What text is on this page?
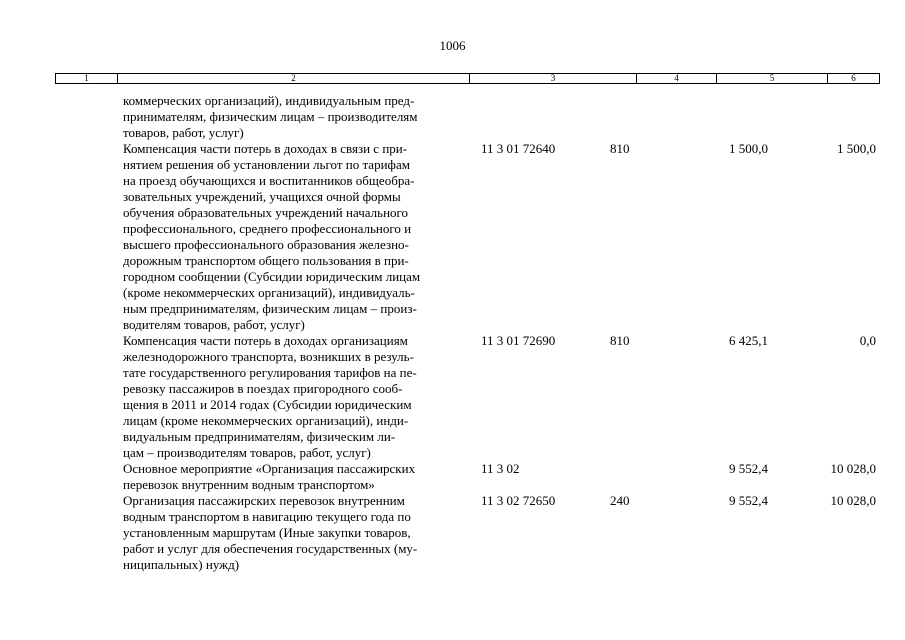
1006
1	2	3	4	5	6
коммерческих организаций), индивидуальным пред-
принимателям, физическим лицам – производителям
товаров, работ, услуг)
Компенсация части потерь в доходах в связи с при-
нятием решения об установлении льгот по тарифам
на проезд обучающихся и воспитанников общеобра-
зовательных учреждений, учащихся очной формы
обучения образовательных учреждений начального
профессионального, среднего профессионального и
высшего профессионального образования железно-
дорожным транспортом общего пользования в при-
городном сообщении (Субсидии юридическим лицам
(кроме некоммерческих организаций), индивидуаль-
ным предпринимателям, физическим лицам – произ-
водителям товаров, работ, услуг)
11 3 01 72640	810	1 500,0	1 500,0
Компенсация части потерь в доходах организациям
железнодорожного транспорта, возникших в резуль-
тате государственного регулирования тарифов на пе-
ревозку пассажиров в поездах пригородного сооб-
щения в 2011 и 2014 годах (Субсидии юридическим
лицам (кроме некоммерческих организаций), инди-
видуальным предпринимателям, физическим ли-
цам – производителям товаров, работ, услуг)
11 3 01 72690	810	6 425,1	0,0
Основное мероприятие «Организация пассажирских
перевозок внутренним водным транспортом»
11 3 02	9 552,4	10 028,0
Организация пассажирских перевозок внутренним
водным транспортом в навигацию текущего года по
установленным маршрутам (Иные закупки товаров,
работ и услуг для обеспечения государственных (му-
ниципальных) нужд)
11 3 02 72650	240	9 552,4	10 028,0
